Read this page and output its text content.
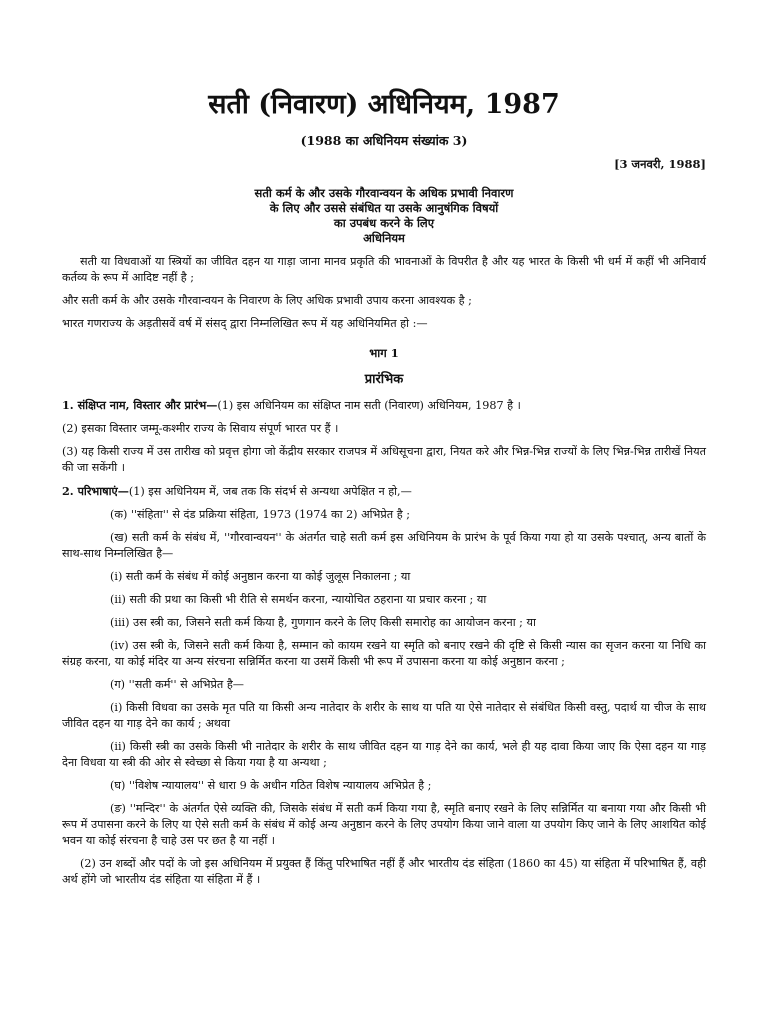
सती (निवारण) अधिनियम, 1987
(1988 का अधिनियम संख्यांक 3)
[3 जनवरी, 1988]
सती कर्म के और उसके गौरवान्वयन के अधिक प्रभावी निवारण
के लिए और उससे संबंधित या उसके आनुषंगिक विषयों
का उपबंध करने के लिए
अधिनियम

सती या विधवाओं या स्त्रियों का जीवित दहन या गाड़ा जाना मानव प्रकृति की भावनाओं के विपरीत है और यह भारत के किसी भी धर्म में कहीं भी अनिवार्य कर्तव्य के रूप में आदिष्ट नहीं है ;

और सती कर्म के और उसके गौरवान्वयन के निवारण के लिए अधिक प्रभावी उपाय करना आवश्यक है ;

भारत गणराज्य के अड़तीसवें वर्ष में संसद् द्वारा निम्नलिखित रूप में यह अधिनियमित हो :—

भाग 1
प्रारंभिक

1. संक्षिप्त नाम, विस्तार और प्रारंभ—(1) इस अधिनियम का संक्षिप्त नाम सती (निवारण) अधिनियम, 1987 है ।

(2) इसका विस्तार जम्मू-कश्मीर राज्य के सिवाय संपूर्ण भारत पर हैं ।

(3) यह किसी राज्य में उस तारीख को प्रवृत्त होगा जो केंद्रीय सरकार राजपत्र में अधिसूचना द्वारा, नियत करे और भिन्न-भिन्न राज्यों के लिए भिन्न-भिन्न तारीखें नियत की जा सकेंगी ।

2. परिभाषाएं—(1) इस अधिनियम में, जब तक कि संदर्भ से अन्यथा अपेक्षित न हो,—

(क) ''संहिता'' से दंड प्रक्रिया संहिता, 1973 (1974 का 2) अभिप्रेत है ;

(ख) सती कर्म के संबंध में, ''गौरवान्वयन'' के अंतर्गत चाहे सती कर्म इस अधिनियम के प्रारंभ के पूर्व किया गया हो या उसके पश्चात्, अन्य बातों के साथ-साथ निम्नलिखित है—

(i) सती कर्म के संबंध में कोई अनुष्ठान करना या कोई जुलूस निकालना ; या

(ii) सती की प्रथा का किसी भी रीति से समर्थन करना, न्यायोचित ठहराना या प्रचार करना ; या

(iii) उस स्त्री का, जिसने सती कर्म किया है, गुणगान करने के लिए किसी समारोह का आयोजन करना ; या

(iv) उस स्त्री के, जिसने सती कर्म किया है, सम्मान को कायम रखने या स्मृति को बनाए रखने की दृष्टि से किसी न्यास का सृजन करना या निधि का संग्रह करना, या कोई मंदिर या अन्य संरचना सन्निर्मित करना या उसमें किसी भी रूप में उपासना करना या कोई अनुष्ठान करना ;

(ग) ''सती कर्म'' से अभिप्रेत है—

(i) किसी विधवा का उसके मृत पति या किसी अन्य नातेदार के शरीर के साथ या पति या ऐसे नातेदार से संबंधित किसी वस्तु, पदार्थ या चीज के साथ जीवित दहन या गाड़ देने का कार्य ; अथवा

(ii) किसी स्त्री का उसके किसी भी नातेदार के शरीर के साथ जीवित दहन या गाड़ देने का कार्य, भले ही यह दावा किया जाए कि ऐसा दहन या गाड़ देना विधवा या स्त्री की ओर से स्वेच्छा से किया गया है या अन्यथा ;

(घ) ''विशेष न्यायालय'' से धारा 9 के अधीन गठित विशेष न्यायालय अभिप्रेत है ;

(ङ) ''मन्दिर'' के अंतर्गत ऐसे व्यक्ति की, जिसके संबंध में सती कर्म किया गया है, स्मृति बनाए रखने के लिए सन्निर्मित या बनाया गया और किसी भी रूप में उपासना करने के लिए या ऐसे सती कर्म के संबंध में कोई अन्य अनुष्ठान करने के लिए उपयोग किया जाने वाला या उपयोग किए जाने के लिए आशयित कोई भवन या कोई संरचना है चाहे उस पर छत है या नहीं ।

(2) उन शब्दों और पदों के जो इस अधिनियम में प्रयुक्त हैं किंतु परिभाषित नहीं हैं और भारतीय दंड संहिता (1860 का 45) या संहिता में परिभाषित हैं, वही अर्थ होंगे जो भारतीय दंड संहिता या संहिता में हैं ।
